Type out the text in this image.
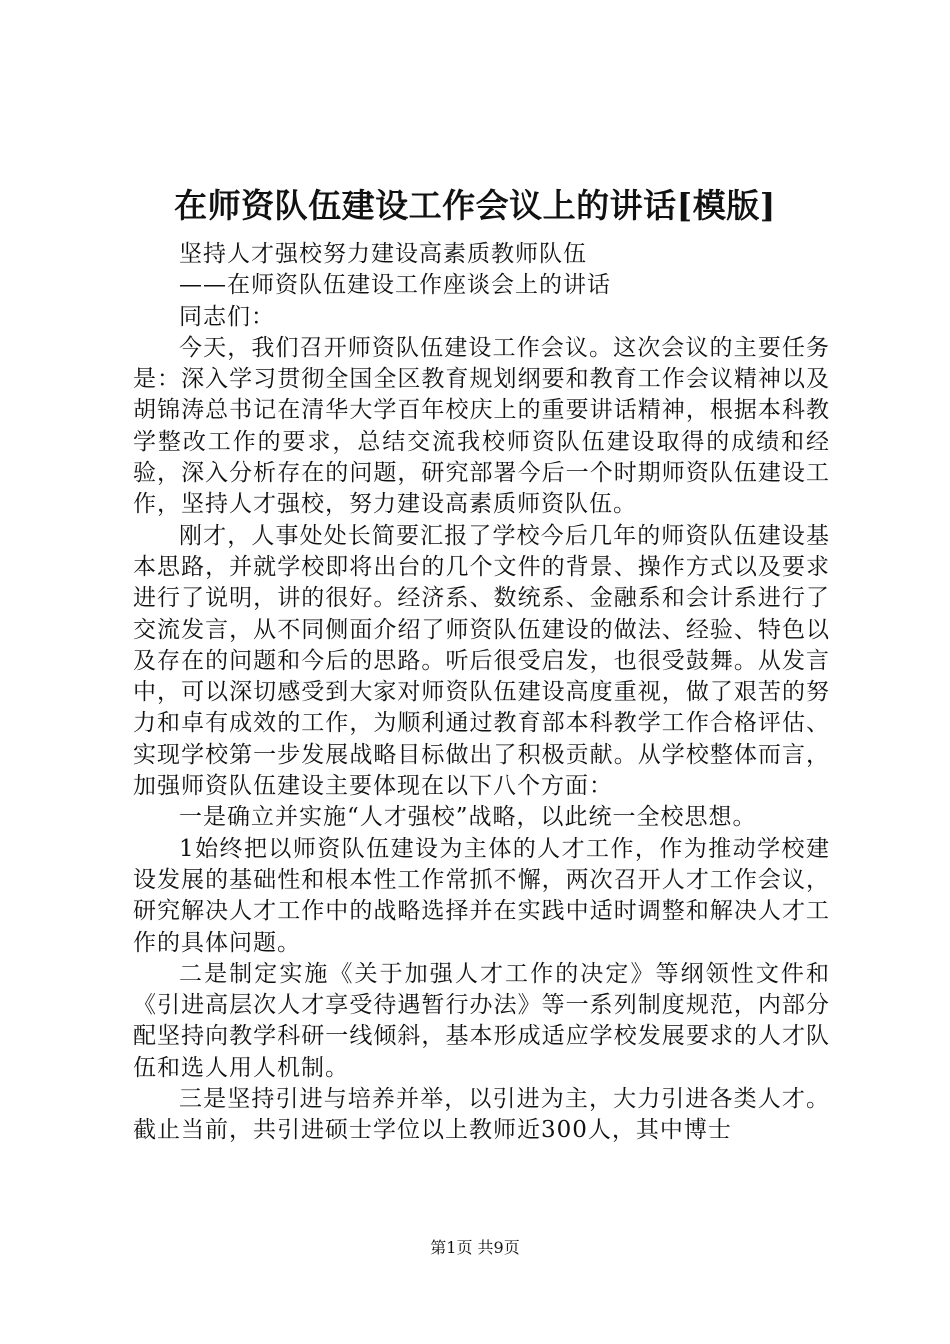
在师资队伍建设工作会议上的讲话[模版]

坚持人才强校努力建设高素质教师队伍

——在师资队伍建设工作座谈会上的讲话

同志们：

今天，我们召开师资队伍建设工作会议。这次会议的主要任务是：深入学习贯彻全国全区教育规划纲要和教育工作会议精神以及胡锦涛总书记在清华大学百年校庆上的重要讲话精神，根据本科教学整改工作的要求，总结交流我校师资队伍建设取得的成绩和经验，深入分析存在的问题，研究部署今后一个时期师资队伍建设工作，坚持人才强校，努力建设高素质师资队伍。

刚才，人事处处长简要汇报了学校今后几年的师资队伍建设基本思路，并就学校即将出台的几个文件的背景、操作方式以及要求进行了说明，讲的很好。经济系、数统系、金融系和会计系进行了交流发言，从不同侧面介绍了师资队伍建设的做法、经验、特色以及存在的问题和今后的思路。听后很受启发，也很受鼓舞。从发言中，可以深切感受到大家对师资队伍建设高度重视，做了艰苦的努力和卓有成效的工作，为顺利通过教育部本科教学工作合格评估、实现学校第一步发展战略目标做出了积极贡献。从学校整体而言，加强师资队伍建设主要体现在以下八个方面：

一是确立并实施“人才强校”战略，以此统一全校思想。

1始终把以师资队伍建设为主体的人才工作，作为推动学校建设发展的基础性和根本性工作常抓不懈，两次召开人才工作会议，研究解决人才工作中的战略选择并在实践中适时调整和解决人才工作的具体问题。

二是制定实施《关于加强人才工作的决定》等纲领性文件和《引进高层次人才享受待遇暂行办法》等一系列制度规范，内部分配坚持向教学科研一线倾斜，基本形成适应学校发展要求的人才队伍和选人用人机制。

三是坚持引进与培养并举，以引进为主，大力引进各类人才。截止当前，共引进硕士学位以上教师近300人，其中博士

第1页 共9页
